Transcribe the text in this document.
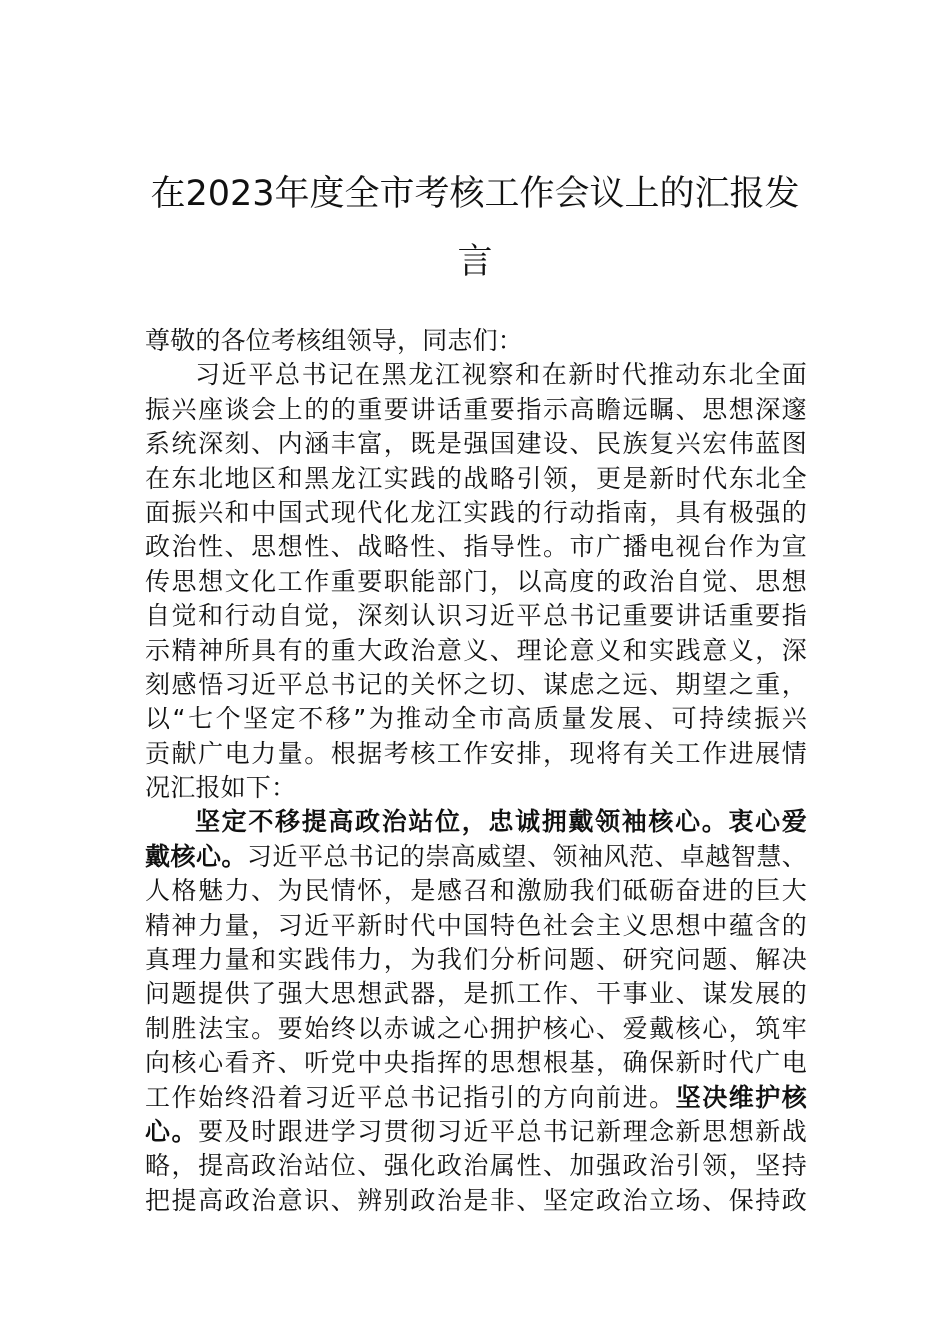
在2023年度全市考核工作会议上的汇报发
言
尊敬的各位考核组领导，同志们：
习近平总书记在黑龙江视察和在新时代推动东北全面
振兴座谈会上的的重要讲话重要指示高瞻远瞩、思想深邃
系统深刻、内涵丰富，既是强国建设、民族复兴宏伟蓝图
在东北地区和黑龙江实践的战略引领，更是新时代东北全
面振兴和中国式现代化龙江实践的行动指南，具有极强的
政治性、思想性、战略性、指导性。市广播电视台作为宣
传思想文化工作重要职能部门，以高度的政治自觉、思想
自觉和行动自觉，深刻认识习近平总书记重要讲话重要指
示精神所具有的重大政治意义、理论意义和实践意义，深
刻感悟习近平总书记的关怀之切、谋虑之远、期望之重，
以“七个坚定不移”为推动全市高质量发展、可持续振兴
贡献广电力量。根据考核工作安排，现将有关工作进展情
况汇报如下：
坚定不移提高政治站位，忠诚拥戴领袖核心。衷心爱
戴核心。习近平总书记的崇高威望、领袖风范、卓越智慧、
人格魅力、为民情怀，是感召和激励我们砥砺奋进的巨大
精神力量，习近平新时代中国特色社会主义思想中蕴含的
真理力量和实践伟力，为我们分析问题、研究问题、解决
问题提供了强大思想武器，是抓工作、干事业、谋发展的
制胜法宝。要始终以赤诚之心拥护核心、爱戴核心，筑牢
向核心看齐、听党中央指挥的思想根基，确保新时代广电
工作始终沿着习近平总书记指引的方向前进。坚决维护核
心。要及时跟进学习贯彻习近平总书记新理念新思想新战
略，提高政治站位、强化政治属性、加强政治引领，坚持
把提高政治意识、辨别政治是非、坚定政治立场、保持政
